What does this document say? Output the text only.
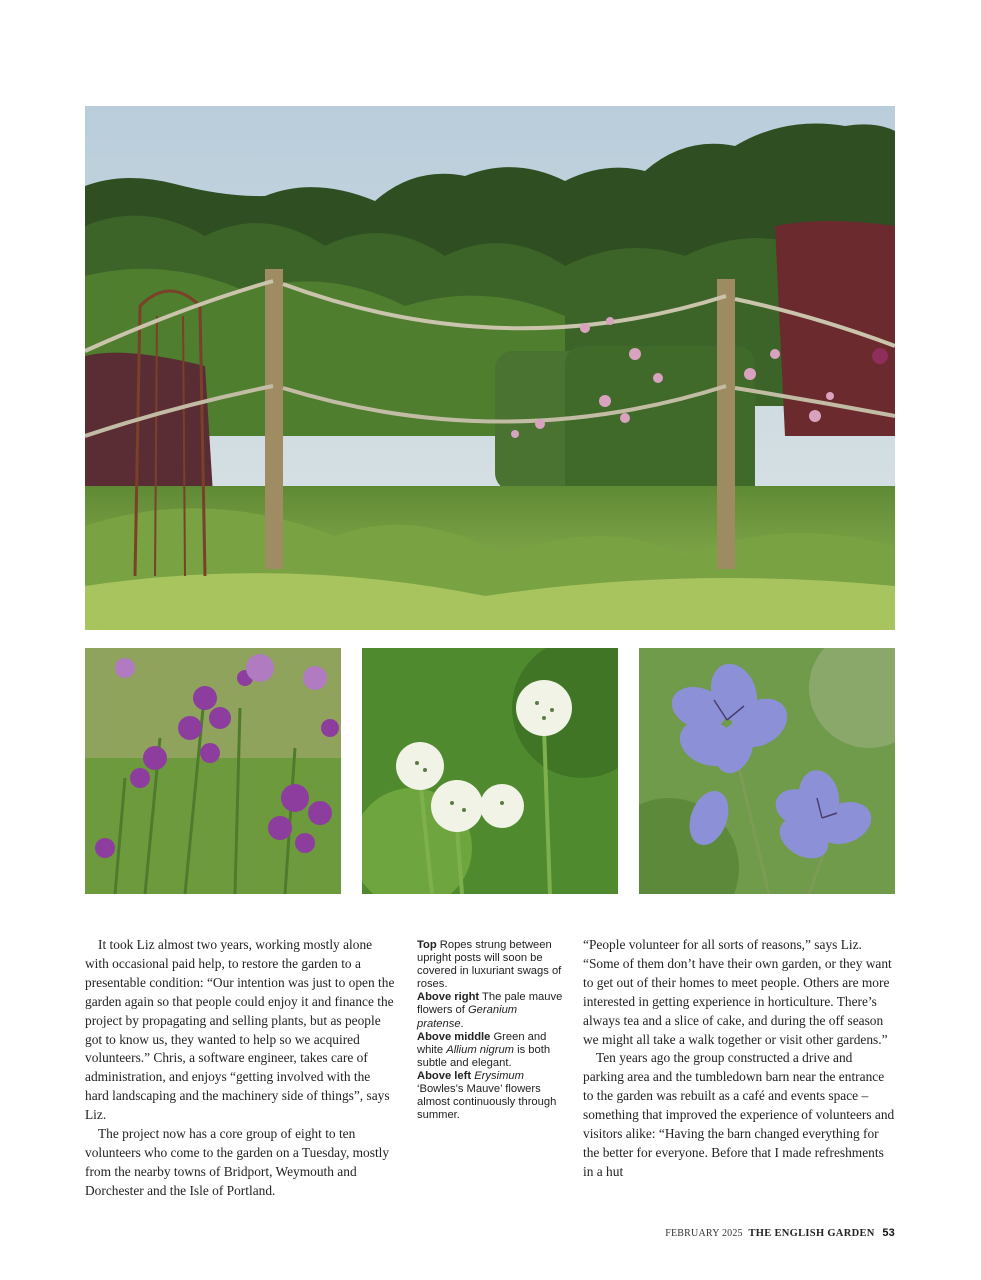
It took Liz almost two years, working mostly alone with occasional paid help, to restore the garden to a presentable condition: “Our intention was just to open the garden again so that people could enjoy it and finance the project by propagating and selling plants, but as people got to know us, they wanted to help so we acquired volunteers.” Chris, a software engineer, takes care of administration, and enjoys “getting involved with the hard landscaping and the machinery side of things”, says Liz.

The project now has a core group of eight to ten volunteers who come to the garden on a Tuesday, mostly from the nearby towns of Bridport, Weymouth and Dorchester and the Isle of Portland.

Top Ropes strung between upright posts will soon be covered in luxuriant swags of roses.

Above right The pale mauve flowers of Geranium pratense.

Above middle Green and white Allium nigrum is both subtle and elegant.

Above left Erysimum ‘Bowles’s Mauve’ flowers almost continuously through summer.

“People volunteer for all sorts of reasons,” says Liz. “Some of them don’t have their own garden, or they want to get out of their homes to meet people. Others are more interested in getting experience in horticulture. There’s always tea and a slice of cake, and during the off season we might all take a walk together or visit other gardens.”

Ten years ago the group constructed a drive and parking area and the tumbledown barn near the entrance to the garden was rebuilt as a café and events space – something that improved the experience of volunteers and visitors alike: “Having the barn changed everything for the better for everyone. Before that I made refreshments in a hut

FEBRUARY 2025 THE ENGLISH GARDEN 53
